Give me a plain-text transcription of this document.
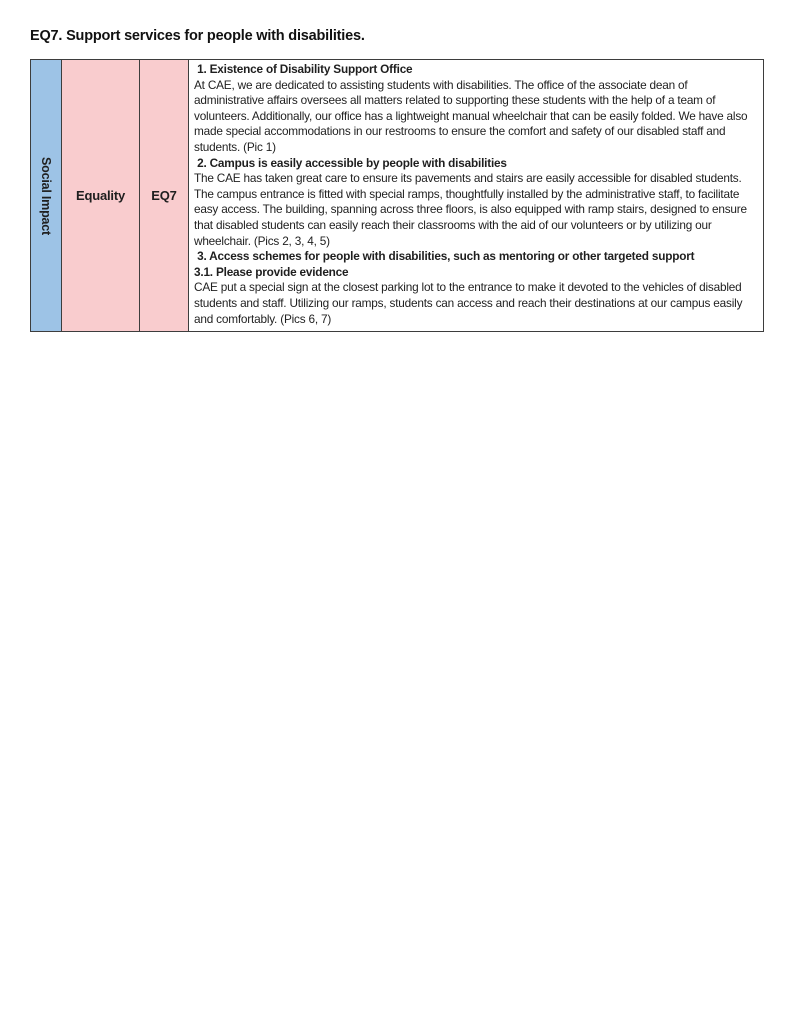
EQ7. Support services for people with disabilities.
Social Impact Equality EQ7

1. Existence of Disability Support Office

At CAE, we are dedicated to assisting students with disabilities. The office of the associate dean of administrative affairs oversees all matters related to supporting these students with the help of a team of volunteers. Additionally, our office has a lightweight manual wheelchair that can be easily folded. We have also made special accommodations in our restrooms to ensure the comfort and safety of our disabled staff and students. (Pic 1)

2. Campus is easily accessible by people with disabilities

The CAE has taken great care to ensure its pavements and stairs are easily accessible for disabled students. The campus entrance is fitted with special ramps, thoughtfully installed by the administrative staff, to facilitate easy access. The building, spanning across three floors, is also equipped with ramp stairs, designed to ensure that disabled students can easily reach their classrooms with the aid of our volunteers or by utilizing our wheelchair. (Pics 2, 3, 4, 5)

3. Access schemes for people with disabilities, such as mentoring or other targeted support

3.1. Please provide evidence

CAE put a special sign at the closest parking lot to the entrance to make it devoted to the vehicles of disabled students and staff. Utilizing our ramps, students can access and reach their destinations at our campus easily and comfortably. (Pics 6, 7)
